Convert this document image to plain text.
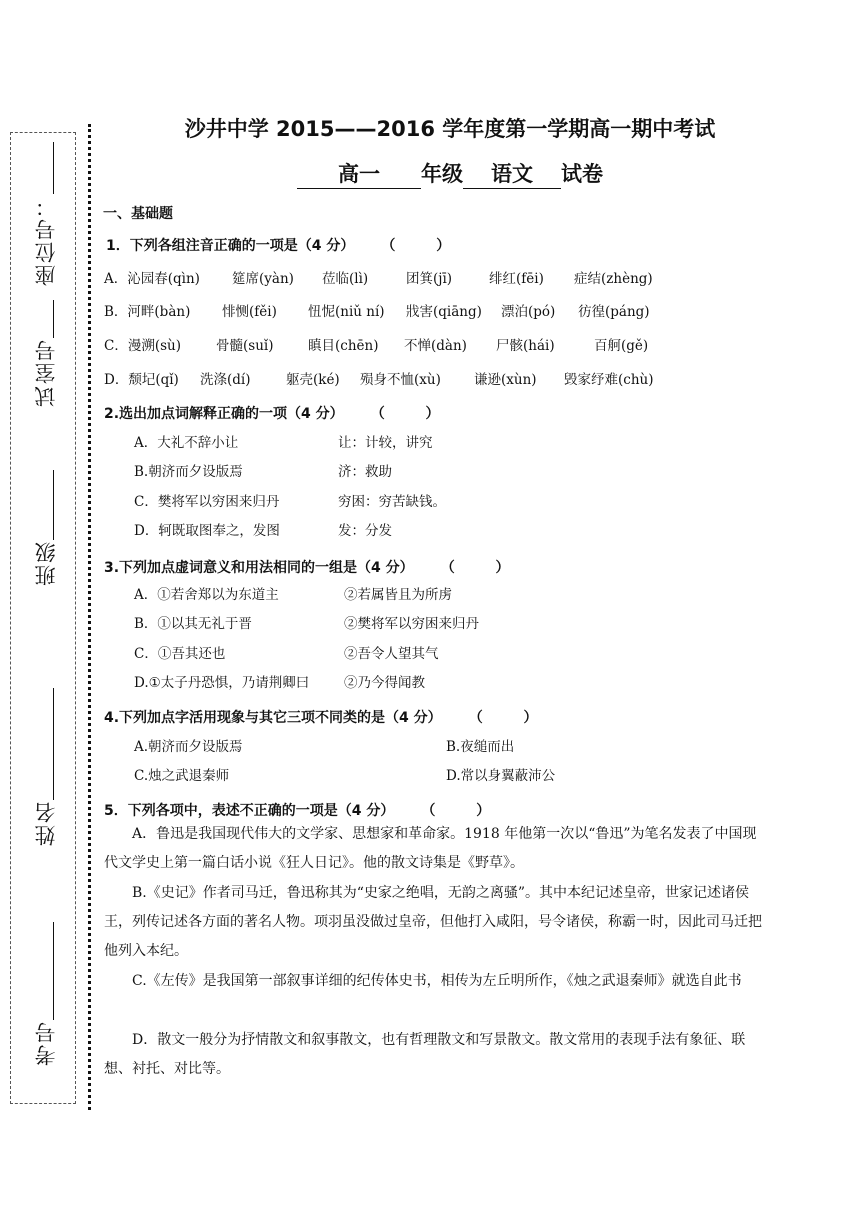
座位号：
试室号
班级
姓名
考号
沙井中学 2015——2016 学年度第一学期高一期中考试
高一 年级 语文 试卷
一、基础题
1．下列各组注音正确的一项是（4 分） （ ）
A．沁园春(qìn) 筵席(yàn) 莅临(lì)	团箕(jī)	绯红(fēi) 症结(zhèng)
B．河畔(bàn) 悱恻(fěi) 忸怩(niǔ ní) 戕害(qiāng) 漂泊(pó) 彷徨(páng)
C．漫溯(sù)	骨髓(suǐ)	瞋目(chēn) 不惮(dàn) 尸骸(hái)	百舸(gě)
D．颓圮(qǐ) 洗涤(dí)	躯壳(ké) 殒身不恤(xù) 谦逊(xùn) 毁家纾难(chù)
2.选出加点词解释正确的一项（4 分） （ ）
A．大礼不辞小让	让：计较，讲究
B.朝济而夕设版焉	济：救助
C．樊将军以穷困来归丹	穷困：穷苦缺钱。
D．轲既取图奉之，发图	发：分发
3.下列加点虚词意义和用法相同的一组是（4 分） （ ）
A．①若舍郑以为东道主	②若属皆且为所虏
B．①以其无礼于晋	②樊将军以穷困来归丹
C．①吾其还也	②吾令人望其气
D.①太子丹恐惧，乃请荆卿曰	②乃今得闻教
4.下列加点字活用现象与其它三项不同类的是（4 分） （ ）
A.朝济而夕设版焉	B.夜缒而出
C.烛之武退秦师	D.常以身翼蔽沛公
5．下列各项中，表述不正确的一项是（4 分） （ ）
A．鲁迅是我国现代伟大的文学家、思想家和革命家。1918 年他第一次以“鲁迅”为笔名发表了中国现代文学史上第一篇白话小说《狂人日记》。他的散文诗集是《野草》。
B.《史记》作者司马迁，鲁迅称其为“史家之绝唱，无韵之离骚”。其中本纪记述皇帝，世家记述诸侯王，列传记述各方面的著名人物。项羽虽没做过皇帝，但他打入咸阳，号令诸侯，称霸一时，因此司马迁把他列入本纪。
C.《左传》是我国第一部叙事详细的纪传体史书，相传为左丘明所作，《烛之武退秦师》就选自此书
D．散文一般分为抒情散文和叙事散文，也有哲理散文和写景散文。散文常用的表现手法有象征、联想、衬托、对比等。
